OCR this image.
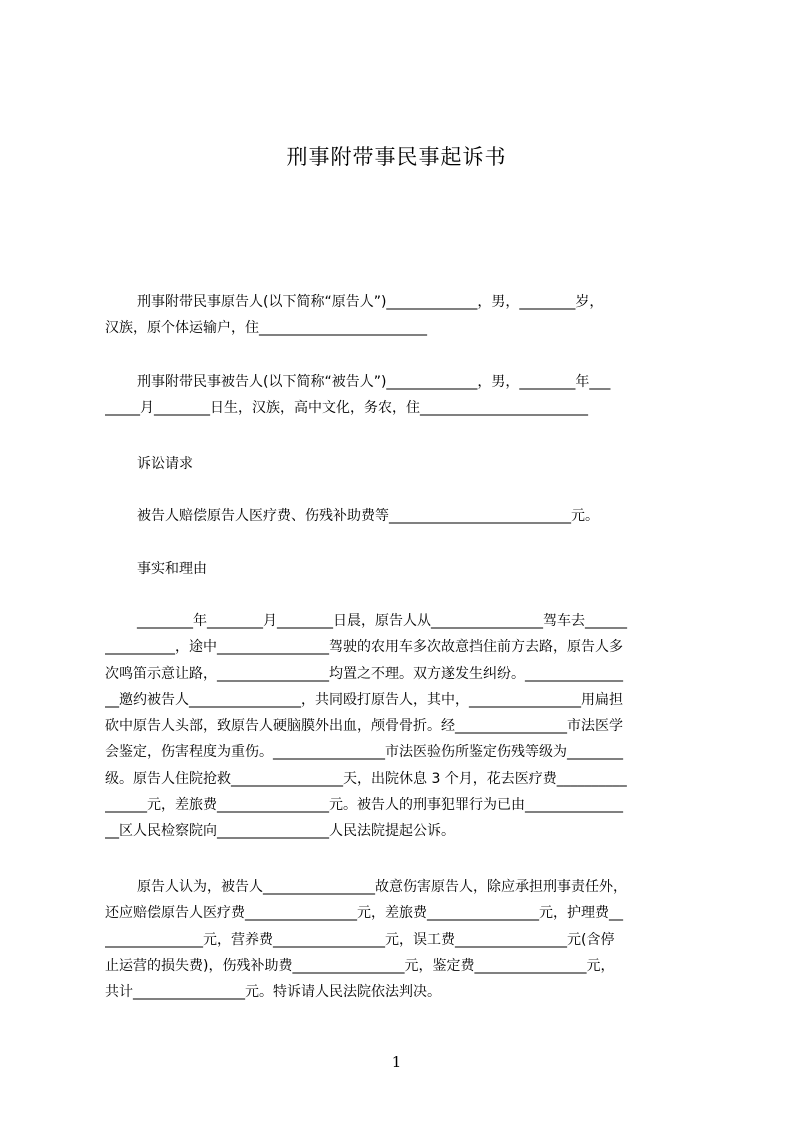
刑事附带事民事起诉书
刑事附带民事原告人(以下简称“原告人”)_____________，男，________岁，
汉族，原个体运输户，住________________________
刑事附带民事被告人(以下简称“被告人”)_____________，男，________年___
_____月________日生，汉族，高中文化，务农，住________________________
诉讼请求
被告人赔偿原告人医疗费、伤残补助费等__________________________元。
事实和理由
________年________月________日晨，原告人从________________驾车去______
__________，途中________________驾驶的农用车多次故意挡住前方去路，原告人多
次鸣笛示意让路，________________均置之不理。双方遂发生纠纷。______________
__邀约被告人________________，共同殴打原告人，其中，________________用扁担
砍中原告人头部，致原告人硬脑膜外出血，颅骨骨折。经________________市法医学
会鉴定，伤害程度为重伤。________________市法医验伤所鉴定伤残等级为________
级。原告人住院抢救________________天，出院休息 3 个月，花去医疗费__________
______元，差旅费________________元。被告人的刑事犯罪行为已由______________
__区人民检察院向________________人民法院提起公诉。
原告人认为，被告人________________故意伤害原告人，除应承担刑事责任外，
还应赔偿原告人医疗费________________元，差旅费________________元，护理费__
______________元，营养费________________元，误工费________________元(含停
止运营的损失费)，伤残补助费________________元，鉴定费________________元，
共计________________元。特诉请人民法院依法判决。
1
